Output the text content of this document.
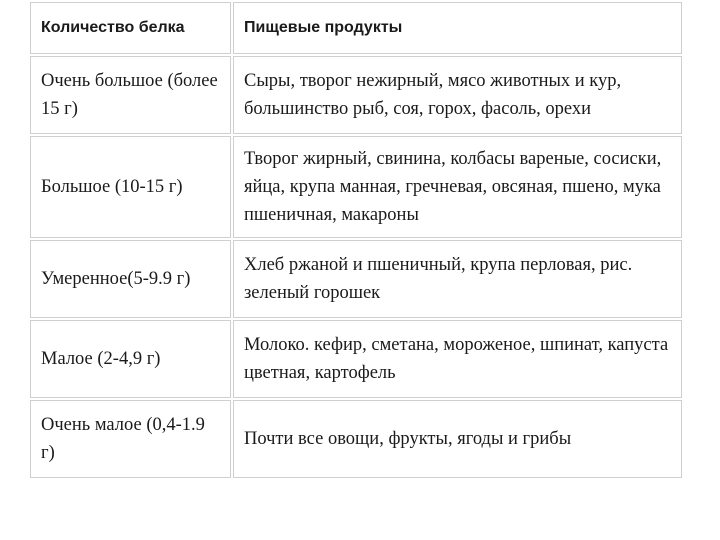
Количество белка	Пищевые продукты

Очень большое (более 15 г)	Сыры, творог нежирный, мясо животных и кур, большинство рыб, соя, горох, фасоль, орехи

Большое (10-15 г)	Творог жирный, свинина, колбасы вареные, сосиски, яйца, крупа манная, гречневая, овсяная, пшено, мука пшеничная, макароны

Умеренное(5-9.9 г)	Хлеб ржаной и пшеничный, крупа перловая, рис. зеленый горошек

Малое (2-4,9 г)	Молоко. кефир, сметана, мороженое, шпинат, капуста цветная, картофель

Очень малое (0,4-1.9 г)	Почти все овощи, фрукты, ягоды и грибы
